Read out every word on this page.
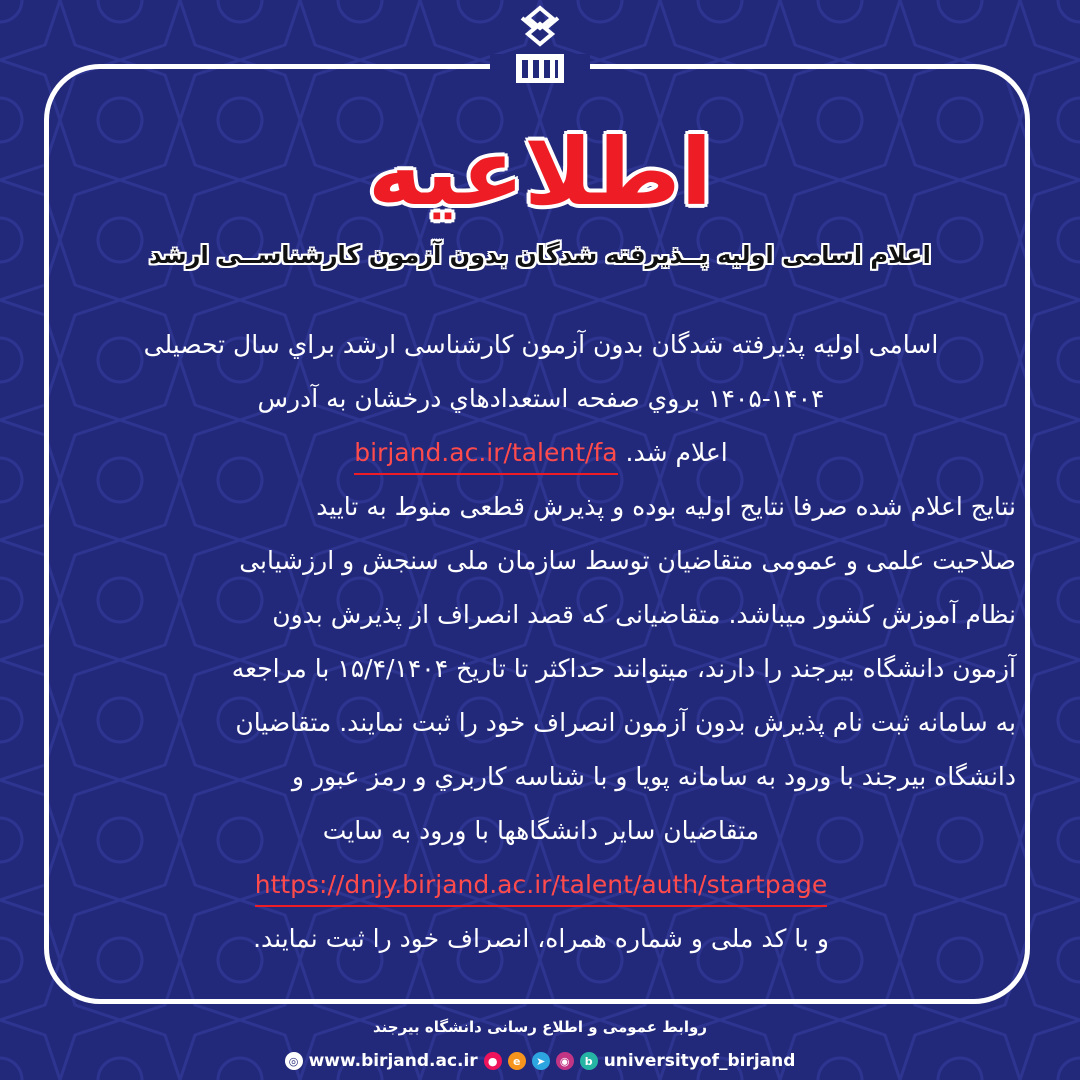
اطلاعیه
اعلام اسامی اولیه پــذیرفته شدگان بدون آزمون کارشناســی ارشد
اسامی اولیه پذیرفته شدگان بدون آزمون کارشناسی ارشد براي سال تحصیلی
۱۴۰۵-۱۴۰۴ بروي صفحه استعدادهاي درخشان به آدرس
اعلام شد. birjand.ac.ir/talent/fa
نتایج اعلام شده صرفا نتایج اولیه بوده و پذیرش قطعی منوط به تایید
صلاحیت علمی و عمومی متقاضیان توسط سازمان ملی سنجش و ارزشیابی
نظام آموزش کشور میباشد. متقاضیانی که قصد انصراف از پذیرش بدون
آزمون دانشگاه بیرجند را دارند، میتوانند حداکثر تا تاریخ ۱۵/۴/۱۴۰۴ با مراجعه
به سامانه ثبت نام پذیرش بدون آزمون انصراف خود را ثبت نمایند. متقاضیان
دانشگاه بیرجند با ورود به سامانه پویا و با شناسه کاربري و رمز عبور و
متقاضیان سایر دانشگاهها با ورود به سایت
https://dnjy.birjand.ac.ir/talent/auth/startpage
و با کد ملی و شماره همراه، انصراف خود را ثبت نمایند.
روابط عمومی و اطلاع رسانی دانشگاه بیرجند
◎ www.birjand.ac.ir ●	e	➤	◉	b universityof_birjand
